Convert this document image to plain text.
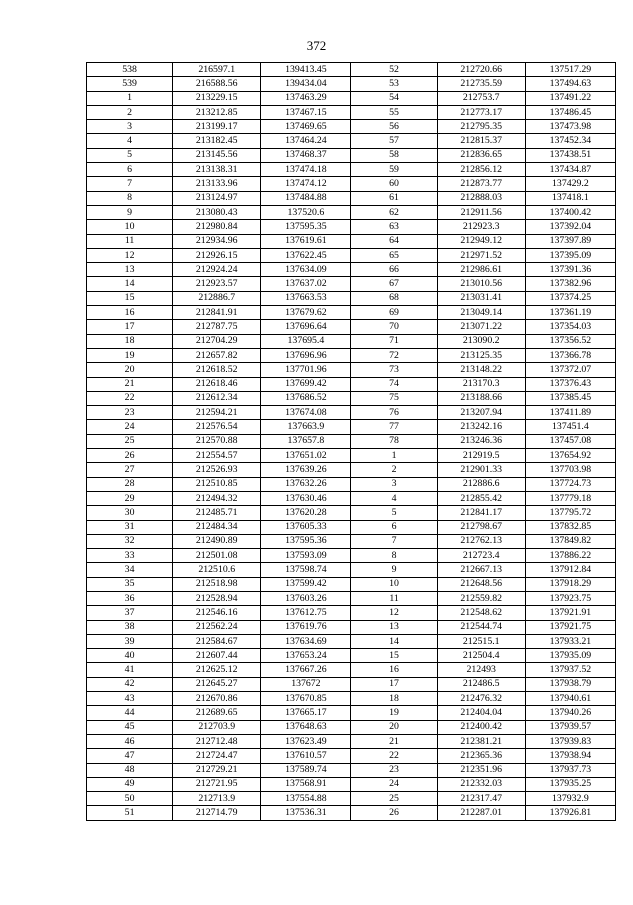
372
538	216597.1	139413.45	52	212720.66	137517.29
539	216588.56	139434.04	53	212735.59	137494.63
1	213229.15	137463.29	54	212753.7	137491.22
2	213212.85	137467.15	55	212773.17	137486.45
3	213199.17	137469.65	56	212795.35	137473.98
4	213182.45	137464.24	57	212815.37	137452.34
5	213145.56	137468.37	58	212836.65	137438.51
6	213138.31	137474.18	59	212856.12	137434.87
7	213133.96	137474.12	60	212873.77	137429.2
8	213124.97	137484.88	61	212888.03	137418.1
9	213080.43	137520.6	62	212911.56	137400.42
10	212980.84	137595.35	63	212923.3	137392.04
11	212934.96	137619.61	64	212949.12	137397.89
12	212926.15	137622.45	65	212971.52	137395.09
13	212924.24	137634.09	66	212986.61	137391.36
14	212923.57	137637.02	67	213010.56	137382.96
15	212886.7	137663.53	68	213031.41	137374.25
16	212841.91	137679.62	69	213049.14	137361.19
17	212787.75	137696.64	70	213071.22	137354.03
18	212704.29	137695.4	71	213090.2	137356.52
19	212657.82	137696.96	72	213125.35	137366.78
20	212618.52	137701.96	73	213148.22	137372.07
21	212618.46	137699.42	74	213170.3	137376.43
22	212612.34	137686.52	75	213188.66	137385.45
23	212594.21	137674.08	76	213207.94	137411.89
24	212576.54	137663.9	77	213242.16	137451.4
25	212570.88	137657.8	78	213246.36	137457.08
26	212554.57	137651.02	1	212919.5	137654.92
27	212526.93	137639.26	2	212901.33	137703.98
28	212510.85	137632.26	3	212886.6	137724.73
29	212494.32	137630.46	4	212855.42	137779.18
30	212485.71	137620.28	5	212841.17	137795.72
31	212484.34	137605.33	6	212798.67	137832.85
32	212490.89	137595.36	7	212762.13	137849.82
33	212501.08	137593.09	8	212723.4	137886.22
34	212510.6	137598.74	9	212667.13	137912.84
35	212518.98	137599.42	10	212648.56	137918.29
36	212528.94	137603.26	11	212559.82	137923.75
37	212546.16	137612.75	12	212548.62	137921.91
38	212562.24	137619.76	13	212544.74	137921.75
39	212584.67	137634.69	14	212515.1	137933.21
40	212607.44	137653.24	15	212504.4	137935.09
41	212625.12	137667.26	16	212493	137937.52
42	212645.27	137672	17	212486.5	137938.79
43	212670.86	137670.85	18	212476.32	137940.61
44	212689.65	137665.17	19	212404.04	137940.26
45	212703.9	137648.63	20	212400.42	137939.57
46	212712.48	137623.49	21	212381.21	137939.83
47	212724.47	137610.57	22	212365.36	137938.94
48	212729.21	137589.74	23	212351.96	137937.73
49	212721.95	137568.91	24	212332.03	137935.25
50	212713.9	137554.88	25	212317.47	137932.9
51	212714.79	137536.31	26	212287.01	137926.81
